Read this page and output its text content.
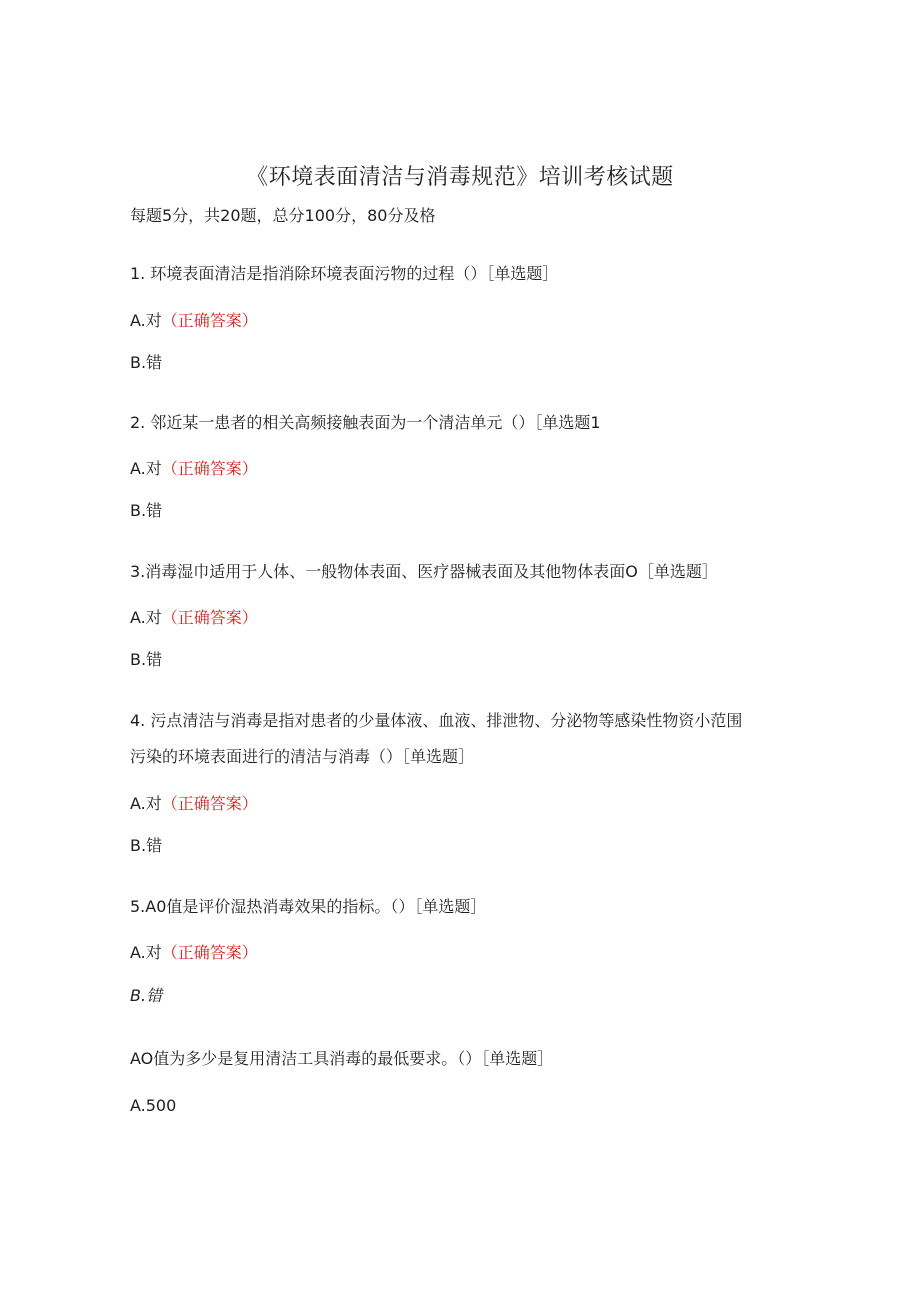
《环境表面清洁与消毒规范》培训考核试题
每题5分，共20题，总分100分，80分及格
1. 环境表面清洁是指消除环境表面污物的过程（）［单选题］
A.对（正确答案）
B.错
2. 邻近某一患者的相关高频接触表面为一个清洁单元（）［单选题1
A.对（正确答案）
B.错
3.消毒湿巾适用于人体、一般物体表面、医疗器械表面及其他物体表面O［单选题］
A.对（正确答案）
B.错
4. 污点清洁与消毒是指对患者的少量体液、血液、排泄物、分泌物等感染性物资小范围
污染的环境表面进行的清洁与消毒（）［单选题］
A.对（正确答案）
B.错
5.A0值是评价湿热消毒效果的指标。（）［单选题］
A.对（正确答案）
B.错
AO值为多少是复用清洁工具消毒的最低要求。（）［单选题］
A.500
